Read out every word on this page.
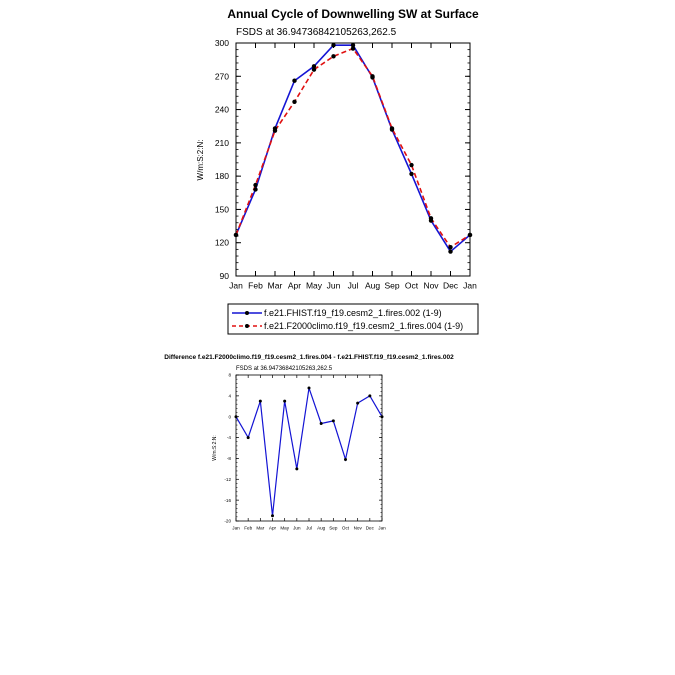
Annual Cycle of Downwelling SW at Surface
FSDS at 36.94736842105263,262.5
W/m:S:2:N:
90
120
150
180
210
240
270
300
Jan Feb Mar Apr May Jun Jul Aug Sep Oct Nov Dec Jan
f.e21.FHIST.f19_f19.cesm2_1.fires.002 (1-9)
f.e21.F2000climo.f19_f19.cesm2_1.fires.004 (1-9)
Difference f.e21.F2000climo.f19_f19.cesm2_1.fires.004 - f.e21.FHIST.f19_f19.cesm2_1.fires.002
FSDS at 36.94736842105263,262.5
W/m:S:2:N:
-20
-16
-12
-8
-4
0
4
8
Jan Feb Mar Apr May Jun Jul Aug Sep Oct Nov Dec Jan
